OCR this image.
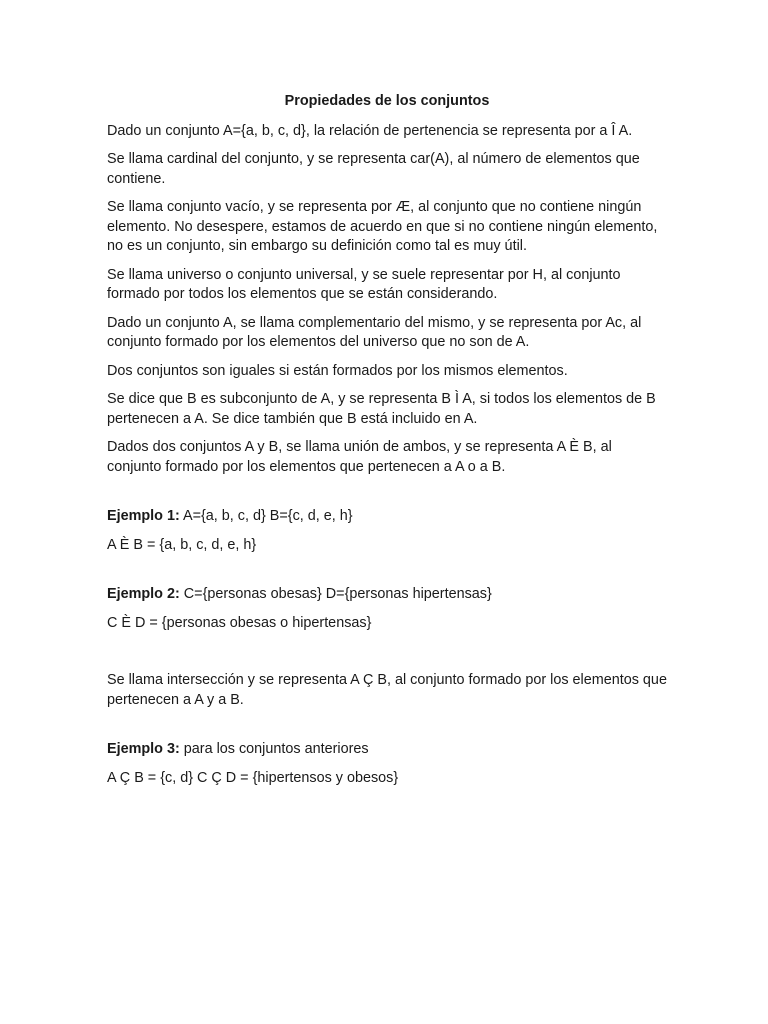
Propiedades de los conjuntos

Dado un conjunto A={a, b, c, d}, la relación de pertenencia se representa por a Î A.

Se llama cardinal del conjunto, y se representa car(A), al número de elementos que contiene.

Se llama conjunto vacío, y se representa por Æ, al conjunto que no contiene ningún elemento. No desespere, estamos de acuerdo en que si no contiene ningún elemento, no es un conjunto, sin embargo su definición como tal es muy útil.

Se llama universo o conjunto universal, y se suele representar por H, al conjunto formado por todos los elementos que se están considerando.

Dado un conjunto A, se llama complementario del mismo, y se representa por Ac, al conjunto formado por los elementos del universo que no son de A.

Dos conjuntos son iguales si están formados por los mismos elementos.

Se dice que B es subconjunto de A, y se representa B Ì A, si todos los elementos de B pertenecen a A. Se dice también que B está incluido en A.

Dados dos conjuntos A y B, se llama unión de ambos, y se representa A È B, al conjunto formado por los elementos que pertenecen a A o a B.

Ejemplo 1: A={a, b, c, d} B={c, d, e, h}

A È B = {a, b, c, d, e, h}

Ejemplo 2: C={personas obesas} D={personas hipertensas}

C È D = {personas obesas o hipertensas}

Se llama intersección y se representa A Ç B, al conjunto formado por los elementos que pertenecen a A y a B.

Ejemplo 3: para los conjuntos anteriores

A Ç B = {c, d} C Ç D = {hipertensos y obesos}
